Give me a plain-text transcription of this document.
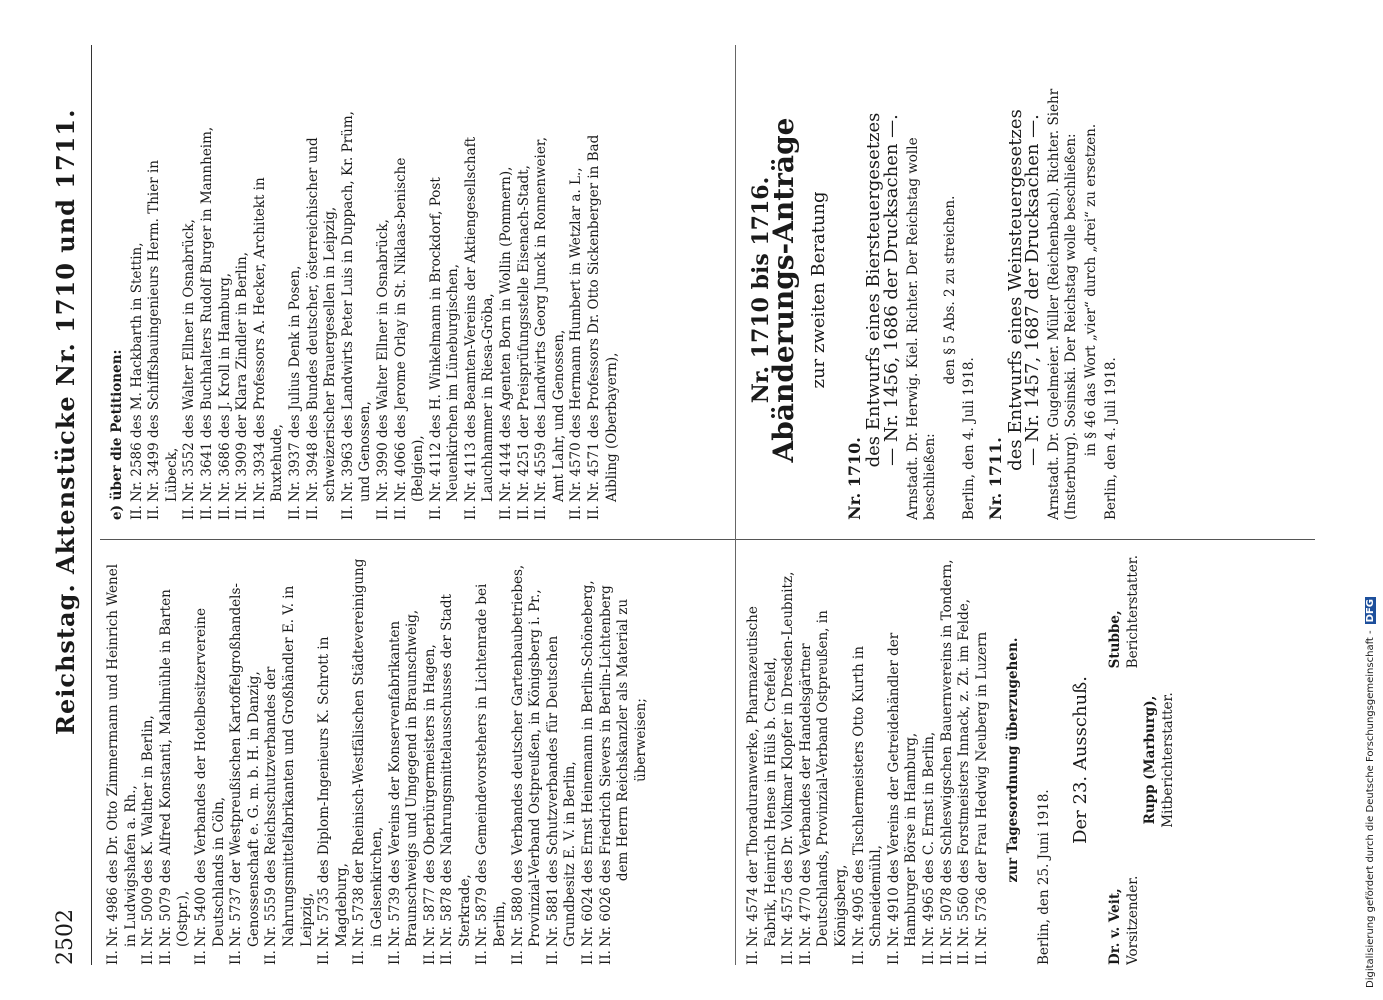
2502
Reichstag. Aktenstücke Nr. 1710 und 1711.

II.Nr. 4986 des Dr. Otto Zimmermann und Heinrich Wenel in Ludwigshafen a. Rh.,

II.Nr. 5009 des K. Walther in Berlin,

II.Nr. 5079 des Alfred Konstanti, Mahlmühle in Barten (Ostpr.),

II.Nr. 5400 des Verbandes der Hotelbesitzervereine Deutschlands in Cöln,

II.Nr. 5737 der Westpreußischen Kartoffelgroßhandels-Genossenschaft e. G. m. b. H. in Danzig,

II.Nr. 5559 des Reichsschutzverbandes der Nahrungsmittelfabrikanten und Großhändler E. V. in Leipzig,

II.Nr. 5735 des Diplom-Ingenieurs K. Schrott in Magdeburg,

II.Nr. 5738 der Rheinisch-Westfälischen Städtevereinigung in Gelsenkirchen,

II.Nr. 5739 des Vereins der Konservenfabrikanten Braunschweigs und Umgegend in Braunschweig,

II.Nr. 5877 des Oberbürgermeisters in Hagen,

II.Nr. 5878 des Nahrungsmittelausschusses der Stadt Sterkrade,

II.Nr. 5879 des Gemeindevorstehers in Lichtenrade bei Berlin,

II.Nr. 5880 des Verbandes deutscher Gartenbaubetriebes, Provinzial-Verband Ostpreußen, in Königsberg i. Pr.,

II.Nr. 5881 des Schutzverbandes für Deutschen Grundbesitz E. V. in Berlin,

II.Nr. 6024 des Ernst Heinemann in Berlin-Schöneberg,

II.Nr. 6026 des Friedrich Sievers in Berlin-Lichtenberg dem Herrn Reichskanzler als Material zu überweisen;

e) über die Petitionen: II.Nr. 2586 des M. Hackbarth in Stettin,

II.Nr. 3499 des Schiffsbauingenieurs Herm. Thier in Lübeck,

II.Nr. 3552 des Walter Ellner in Osnabrück,

II.Nr. 3641 des Buchhalters Rudolf Burger in Mannheim,

II.Nr. 3686 des J. Kroll in Hamburg,

II.Nr. 3909 der Klara Zindler in Berlin,

II.Nr. 3934 des Professors A. Hecker, Architekt in Buxtehude,

II.Nr. 3937 des Julius Denk in Posen,

II.Nr. 3948 des Bundes deutscher, österreichischer und schweizerischer Brauergesellen in Leipzig,

II.Nr. 3963 des Landwirts Peter Luis in Duppach, Kr. Prüm, und Genossen,

II.Nr. 3990 des Walter Ellner in Osnabrück,

II.Nr. 4066 des Jerome Orlay in St. Niklaas-benische (Belgien),

II.Nr. 4112 des H. Winkelmann in Brockdorf, Post Neuenkirchen im Lüneburgischen,

II.Nr. 4113 des Beamten-Vereins der Aktiengesellschaft Lauchhammer in Riesa-Gröba,

II.Nr. 4144 des Agenten Born in Wollin (Pommern),

II.Nr. 4251 der Preisprüfungsstelle Eisenach-Stadt,

II.Nr. 4559 des Landwirts Georg Junck in Ronnenweier, Amt Lahr, und Genossen,

II.Nr. 4570 des Hermann Humbert in Wetzlar a. L.,

II.Nr. 4571 des Professors Dr. Otto Sickenberger in Bad Aibling (Oberbayern),

II.Nr. 4574 der Thoraduranwerke, Pharmazeutische Fabrik, Heinrich Hense in Hüls b. Crefeld,

II.Nr. 4575 des Dr. Volkmar Klopfer in Dresden-Leubnitz,

II.Nr. 4770 des Verbandes der Handelsgärtner Deutschlands, Provinzial-Verband Ostpreußen, in Königsberg,

II.Nr. 4905 des Tischlermeisters Otto Kurth in Schneidemühl,

II.Nr. 4910 des Vereins der Getreidehändler der Hamburger Börse in Hamburg,

II.Nr. 4965 des C. Ernst in Berlin,

II.Nr. 5078 des Schleswigschen Bauernvereins in Tondern,

II.Nr. 5560 des Forstmeisters Innack, z. Zt. im Felde,

II.Nr. 5736 der Frau Hedwig Neuberg in Luzern zur Tagesordnung überzugehen. Berlin, den 25. Juni 1918.

Der 23. Ausschuß.

Dr. v. Veit, Vorsitzender.
Stubbe, Berichterstatter.
Rupp (Marburg), Mitberichterstatter.

Nr. 1710 bis 1716.

Abänderungs-Anträge zur zweiten Beratung

Nr. 1710.

des Entwurfs eines Biersteuergesetzes

— Nr. 1456, 1686 der Drucksachen —. Arnstadt. Dr. Herwig. Kiel. Richter. Der Reichstag wolle beschließen:

den § 5 Abs. 2 zu streichen.

Berlin, den 4. Juli 1918. Nr. 1711.

des Entwurfs eines Weinsteuergesetzes

— Nr. 1457, 1687 der Drucksachen —. Arnstadt. Dr. Gugelmeier. Müller (Reichenbach). Richter. Siehr (Insterburg). Sosinski. Der Reichstag wolle beschließen: in § 46 das Wort „vier“ durch „drei“ zu ersetzen. Berlin, den 4. Juli 1918.

Digitalisierung gefördert durch die Deutsche Forschungsgemeinschaft -DFG
